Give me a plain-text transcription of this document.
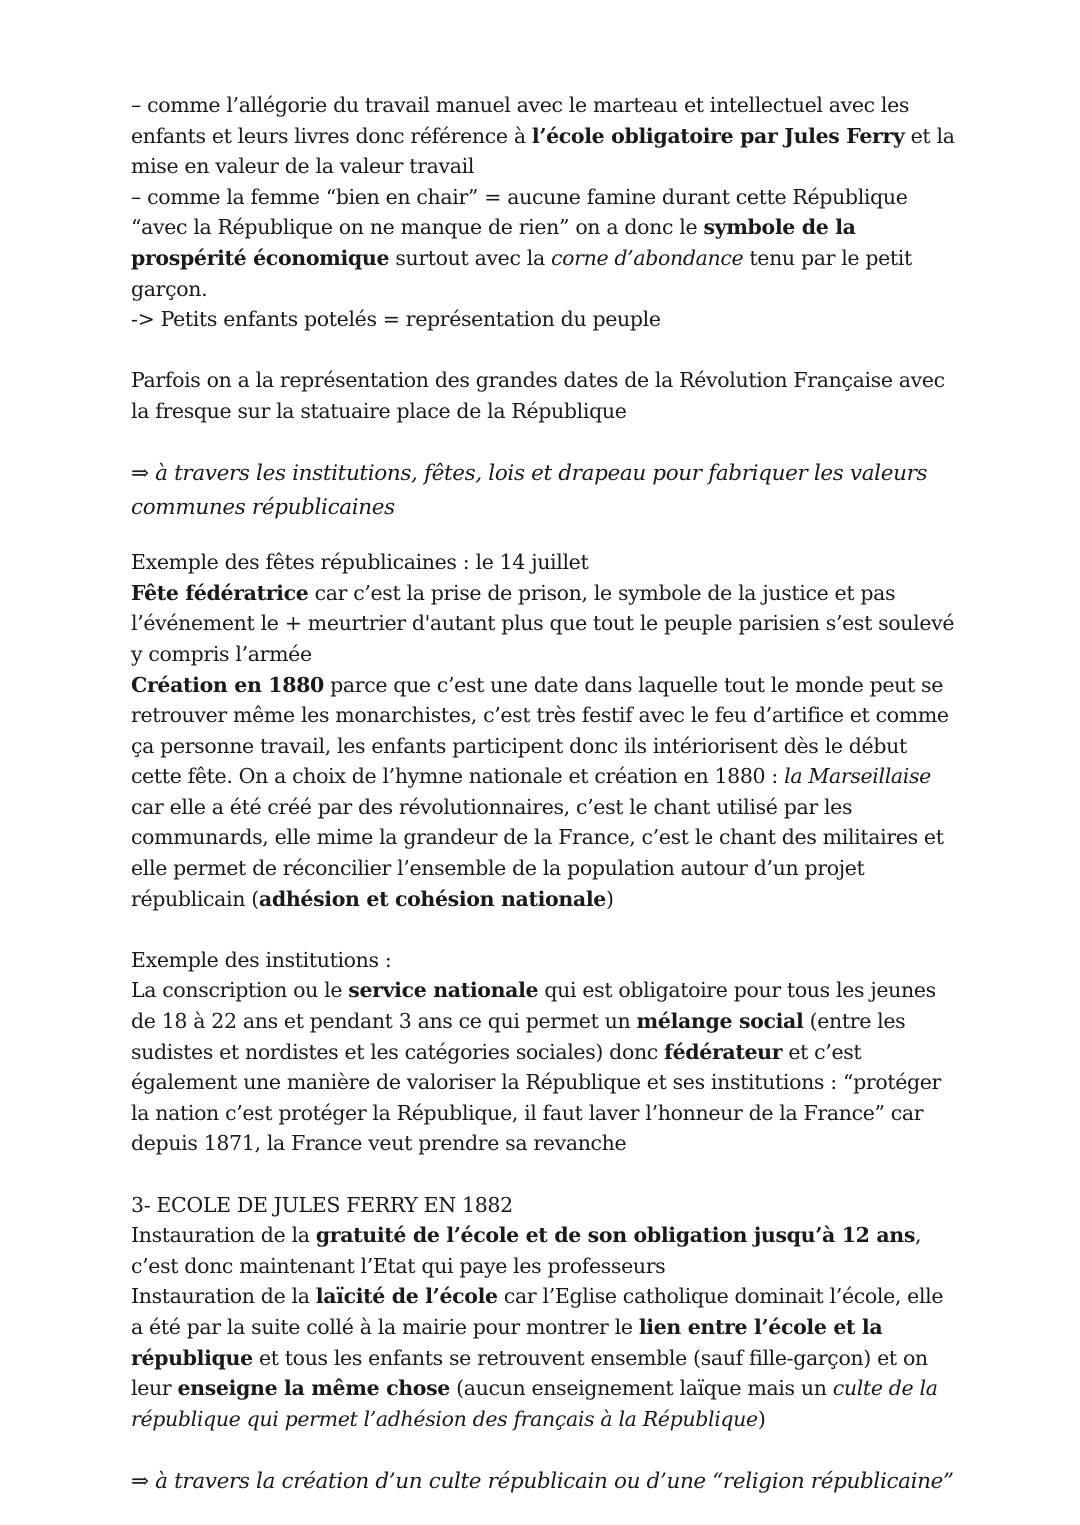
– comme l’allégorie du travail manuel avec le marteau et intellectuel avec les enfants et leurs livres donc référence à l’école obligatoire par Jules Ferry et la mise en valeur de la valeur travail

– comme la femme “bien en chair” = aucune famine durant cette République “avec la République on ne manque de rien” on a donc le symbole de la prospérité économique surtout avec la corne d’abondance tenu par le petit garçon.

-> Petits enfants potelés = représentation du peuple

Parfois on a la représentation des grandes dates de la Révolution Française avec la fresque sur la statuaire place de la République

⇒ à travers les institutions, fêtes, lois et drapeau pour fabriquer les valeurs communes républicaines

Exemple des fêtes républicaines : le 14 juillet

Fête fédératrice car c’est la prise de prison, le symbole de la justice et pas l’événement le + meurtrier d'autant plus que tout le peuple parisien s’est soulevé y compris l’armée

Création en 1880 parce que c’est une date dans laquelle tout le monde peut se retrouver même les monarchistes, c’est très festif avec le feu d’artifice et comme ça personne travail, les enfants participent donc ils intériorisent dès le début cette fête. On a choix de l’hymne nationale et création en 1880 : la Marseillaise car elle a été créé par des révolutionnaires, c’est le chant utilisé par les communards, elle mime la grandeur de la France, c’est le chant des militaires et elle permet de réconcilier l’ensemble de la population autour d’un projet républicain (adhésion et cohésion nationale)

Exemple des institutions :

La conscription ou le service nationale qui est obligatoire pour tous les jeunes de 18 à 22 ans et pendant 3 ans ce qui permet un mélange social (entre les sudistes et nordistes et les catégories sociales) donc fédérateur et c’est également une manière de valoriser la République et ses institutions : “protéger la nation c’est protéger la République, il faut laver l’honneur de la France” car depuis 1871, la France veut prendre sa revanche

3- ECOLE DE JULES FERRY EN 1882

Instauration de la gratuité de l’école et de son obligation jusqu’à 12 ans, c’est donc maintenant l’Etat qui paye les professeurs

Instauration de la laïcité de l’école car l’Eglise catholique dominait l’école, elle a été par la suite collé à la mairie pour montrer le lien entre l’école et la république et tous les enfants se retrouvent ensemble (sauf fille-garçon) et on leur enseigne la même chose (aucun enseignement laïque mais un culte de la république qui permet l’adhésion des français à la République)

⇒ à travers la création d’un culte républicain ou d’une “religion républicaine”
